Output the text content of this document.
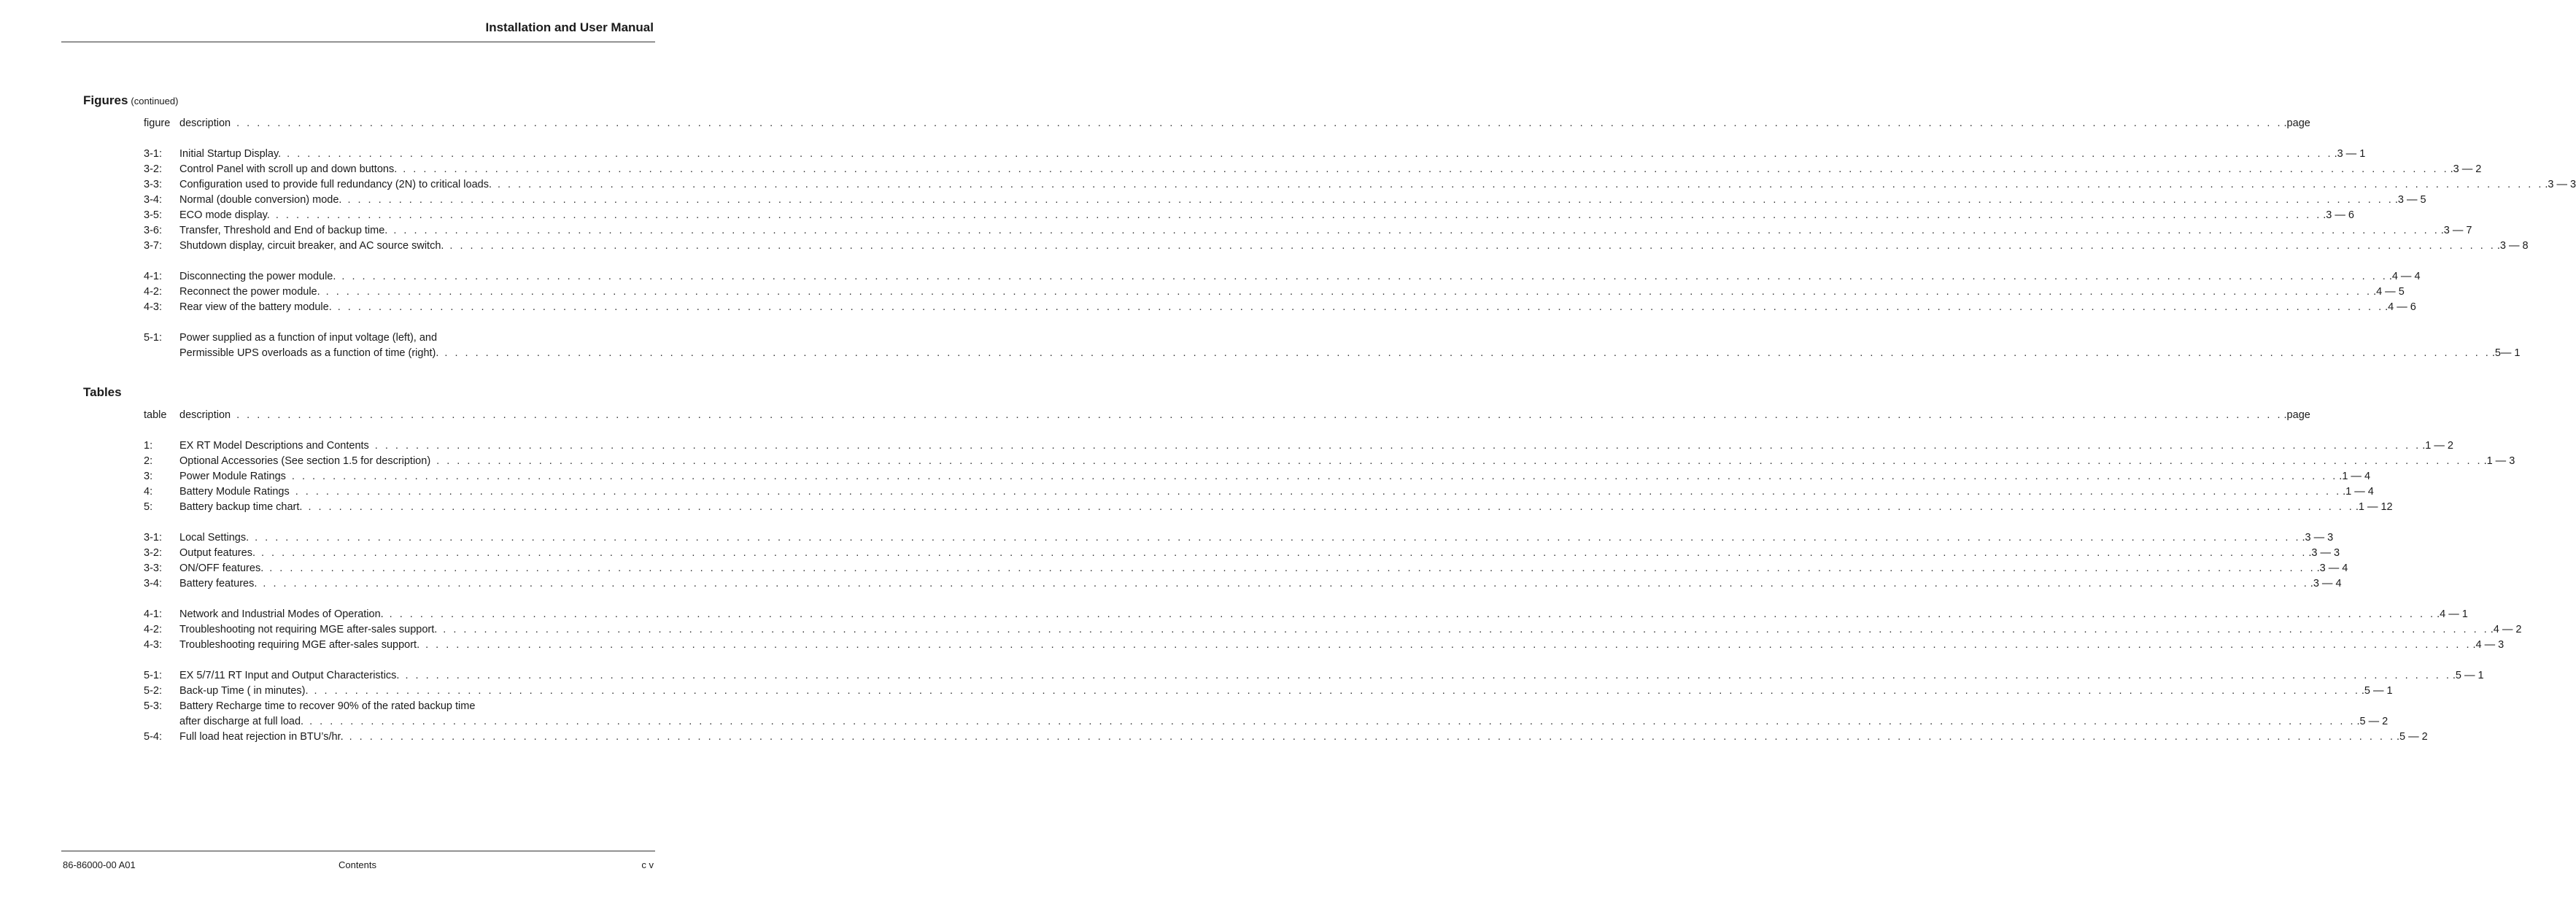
Installation and User Manual
Figures (continued)
figure description . . . . . . . . . . . . . . . . . . . . . . . . . . . . . . . . . . . . . . . . . . . . . . . . . . . . . . . . . . . . . . . . . . . . . . . . . . . . . . . . . . . . . . . . . . . . . . . . . . . . . . . . . . . . . . . . . . . . . . . . . . . . . . . . . . . . . . . . . . . . . . . . . . . . . . . . . . . . . . . . . . . . . . . . . . . . . . . . . . . . . . . . . . . . . . . . . . . . . . . . .page
3-1:	Initial Startup Display. . . . . . . . . . . . . . . . . . . . . . . . . . . . . . . . . . . . . . . . . . . . . . . . . . . . . . . . . . . . . . . . . . . . . . . . . . . . . . . . . . . . . . . . . . . . . . . . . . . . . . . . . . . . . . . . . . . . . . . . . . . . . . . . . . . . . . . . . . . . . . . . . . . . . . . . . . . . . . . . . . . . . . . . . . . . . . . . . . . . . . . . . . . . . . . . . . . . . . . . . .3 — 1
3-2:	Control Panel with scroll up and down buttons. . . . . . . . . . . . . . . . . . . . . . . . . . . . . . . . . . . . . . . . . . . . . . . . . . . . . . . . . . . . . . . . . . . . . . . . . . . . . . . . . . . . . . . . . . . . . . . . . . . . . . . . . . . . . . . . . . . . . . . . . . . . . . . . . . . . . . . . . . . . . . . . . . . . . . . . . . . . . . . . . . . . . . . . . . . . . . . . . . . . . . . . . . . . . . . . . . . . . . . . . .3 — 2
3-3:	Configuration used to provide full redundancy (2N) to critical loads. . . . . . . . . . . . . . . . . . . . . . . . . . . . . . . . . . . . . . . . . . . . . . . . . . . . . . . . . . . . . . . . . . . . . . . . . . . . . . . . . . . . . . . . . . . . . . . . . . . . . . . . . . . . . . . . . . . . . . . . . . . . . . . . . . . . . . . . . . . . . . . . . . . . . . . . . . . . . . . . . . . . . . . . . . . . . . . . . . . . . . . . . . . . . . . . . . . . . . . . . .3 — 3
3-4:	Normal (double conversion) mode. . . . . . . . . . . . . . . . . . . . . . . . . . . . . . . . . . . . . . . . . . . . . . . . . . . . . . . . . . . . . . . . . . . . . . . . . . . . . . . . . . . . . . . . . . . . . . . . . . . . . . . . . . . . . . . . . . . . . . . . . . . . . . . . . . . . . . . . . . . . . . . . . . . . . . . . . . . . . . . . . . . . . . . . . . . . . . . . . . . . . . . . . . . . . . . . . . . . . . . . . .3 — 5
3-5:	ECO mode display. . . . . . . . . . . . . . . . . . . . . . . . . . . . . . . . . . . . . . . . . . . . . . . . . . . . . . . . . . . . . . . . . . . . . . . . . . . . . . . . . . . . . . . . . . . . . . . . . . . . . . . . . . . . . . . . . . . . . . . . . . . . . . . . . . . . . . . . . . . . . . . . . . . . . . . . . . . . . . . . . . . . . . . . . . . . . . . . . . . . . . . . . . . . . . . . . . . . . . . . . .3 — 6
3-6:	Transfer, Threshold and End of backup time. . . . . . . . . . . . . . . . . . . . . . . . . . . . . . . . . . . . . . . . . . . . . . . . . . . . . . . . . . . . . . . . . . . . . . . . . . . . . . . . . . . . . . . . . . . . . . . . . . . . . . . . . . . . . . . . . . . . . . . . . . . . . . . . . . . . . . . . . . . . . . . . . . . . . . . . . . . . . . . . . . . . . . . . . . . . . . . . . . . . . . . . . . . . . . . . . . . . . . . . . .3 — 7
3-7:	Shutdown display, circuit breaker, and AC source switch. . . . . . . . . . . . . . . . . . . . . . . . . . . . . . . . . . . . . . . . . . . . . . . . . . . . . . . . . . . . . . . . . . . . . . . . . . . . . . . . . . . . . . . . . . . . . . . . . . . . . . . . . . . . . . . . . . . . . . . . . . . . . . . . . . . . . . . . . . . . . . . . . . . . . . . . . . . . . . . . . . . . . . . . . . . . . . . . . . . . . . . . . . . . . . . . . . . . . . . . . .3 — 8
4-1:	Disconnecting the power module. . . . . . . . . . . . . . . . . . . . . . . . . . . . . . . . . . . . . . . . . . . . . . . . . . . . . . . . . . . . . . . . . . . . . . . . . . . . . . . . . . . . . . . . . . . . . . . . . . . . . . . . . . . . . . . . . . . . . . . . . . . . . . . . . . . . . . . . . . . . . . . . . . . . . . . . . . . . . . . . . . . . . . . . . . . . . . . . . . . . . . . . . . . . . . . . . . . . . . . . . .4 — 4
4-2:	Reconnect the power module. . . . . . . . . . . . . . . . . . . . . . . . . . . . . . . . . . . . . . . . . . . . . . . . . . . . . . . . . . . . . . . . . . . . . . . . . . . . . . . . . . . . . . . . . . . . . . . . . . . . . . . . . . . . . . . . . . . . . . . . . . . . . . . . . . . . . . . . . . . . . . . . . . . . . . . . . . . . . . . . . . . . . . . . . . . . . . . . . . . . . . . . . . . . . . . . . . . . . . . . . .4 — 5
4-3:	Rear view of the battery module. . . . . . . . . . . . . . . . . . . . . . . . . . . . . . . . . . . . . . . . . . . . . . . . . . . . . . . . . . . . . . . . . . . . . . . . . . . . . . . . . . . . . . . . . . . . . . . . . . . . . . . . . . . . . . . . . . . . . . . . . . . . . . . . . . . . . . . . . . . . . . . . . . . . . . . . . . . . . . . . . . . . . . . . . . . . . . . . . . . . . . . . . . . . . . . . . . . . . . . . . .4 — 6
5-1:	Power supplied as a function of input voltage (left), and
Permissible UPS overloads as a function of time (right). . . . . . . . . . . . . . . . . . . . . . . . . . . . . . . . . . . . . . . . . . . . . . . . . . . . . . . . . . . . . . . . . . . . . . . . . . . . . . . . . . . . . . . . . . . . . . . . . . . . . . . . . . . . . . . . . . . . . . . . . . . . . . . . . . . . . . . . . . . . . . . . . . . . . . . . . . . . . . . . . . . . . . . . . . . . . . . . . . . . . . . . . . . . . . . . . . . . . . . . . .5— 1
Tables
table	description . . . . . . . . . . . . . . . . . . . . . . . . . . . . . . . . . . . . . . . . . . . . . . . . . . . . . . . . . . . . . . . . . . . . . . . . . . . . . . . . . . . . . . . . . . . . . . . . . . . . . . . . . . . . . . . . . . . . . . . . . . . . . . . . . . . . . . . . . . . . . . . . . . . . . . . . . . . . . . . . . . . . . . . . . . . . . . . . . . . . . . . . . . . . . . . . . . . . . . . . .page
1:	EX RT Model Descriptions and Contents . . . . . . . . . . . . . . . . . . . . . . . . . . . . . . . . . . . . . . . . . . . . . . . . . . . . . . . . . . . . . . . . . . . . . . . . . . . . . . . . . . . . . . . . . . . . . . . . . . . . . . . . . . . . . . . . . . . . . . . . . . . . . . . . . . . . . . . . . . . . . . . . . . . . . . . . . . . . . . . . . . . . . . . . . . . . . . . . . . . . . . . . . . . . . . . . . . . . . . . . .1 — 2
2:	Optional Accessories (See section 1.5 for description) . . . . . . . . . . . . . . . . . . . . . . . . . . . . . . . . . . . . . . . . . . . . . . . . . . . . . . . . . . . . . . . . . . . . . . . . . . . . . . . . . . . . . . . . . . . . . . . . . . . . . . . . . . . . . . . . . . . . . . . . . . . . . . . . . . . . . . . . . . . . . . . . . . . . . . . . . . . . . . . . . . . . . . . . . . . . . . . . . . . . . . . . . . . . . . . . . . . . . . . . .1 — 3
3:	Power Module Ratings . . . . . . . . . . . . . . . . . . . . . . . . . . . . . . . . . . . . . . . . . . . . . . . . . . . . . . . . . . . . . . . . . . . . . . . . . . . . . . . . . . . . . . . . . . . . . . . . . . . . . . . . . . . . . . . . . . . . . . . . . . . . . . . . . . . . . . . . . . . . . . . . . . . . . . . . . . . . . . . . . . . . . . . . . . . . . . . . . . . . . . . . . . . . . . . . . . . . . . . . .1 — 4
4:	Battery Module Ratings . . . . . . . . . . . . . . . . . . . . . . . . . . . . . . . . . . . . . . . . . . . . . . . . . . . . . . . . . . . . . . . . . . . . . . . . . . . . . . . . . . . . . . . . . . . . . . . . . . . . . . . . . . . . . . . . . . . . . . . . . . . . . . . . . . . . . . . . . . . . . . . . . . . . . . . . . . . . . . . . . . . . . . . . . . . . . . . . . . . . . . . . . . . . . . . . . . . . . . . . .1 — 4
5:	Battery backup time chart. . . . . . . . . . . . . . . . . . . . . . . . . . . . . . . . . . . . . . . . . . . . . . . . . . . . . . . . . . . . . . . . . . . . . . . . . . . . . . . . . . . . . . . . . . . . . . . . . . . . . . . . . . . . . . . . . . . . . . . . . . . . . . . . . . . . . . . . . . . . . . . . . . . . . . . . . . . . . . . . . . . . . . . . . . . . . . . . . . . . . . . . . . . . . . . . . . . . . . . . . .1 — 12
3-1:	Local Settings. . . . . . . . . . . . . . . . . . . . . . . . . . . . . . . . . . . . . . . . . . . . . . . . . . . . . . . . . . . . . . . . . . . . . . . . . . . . . . . . . . . . . . . . . . . . . . . . . . . . . . . . . . . . . . . . . . . . . . . . . . . . . . . . . . . . . . . . . . . . . . . . . . . . . . . . . . . . . . . . . . . . . . . . . . . . . . . . . . . . . . . . . . . . . . . . . . . . . . . . . .3 — 3
3-2:	Output features. . . . . . . . . . . . . . . . . . . . . . . . . . . . . . . . . . . . . . . . . . . . . . . . . . . . . . . . . . . . . . . . . . . . . . . . . . . . . . . . . . . . . . . . . . . . . . . . . . . . . . . . . . . . . . . . . . . . . . . . . . . . . . . . . . . . . . . . . . . . . . . . . . . . . . . . . . . . . . . . . . . . . . . . . . . . . . . . . . . . . . . . . . . . . . . . . . . . . . . . . .3 — 3
3-3:	ON/OFF features. . . . . . . . . . . . . . . . . . . . . . . . . . . . . . . . . . . . . . . . . . . . . . . . . . . . . . . . . . . . . . . . . . . . . . . . . . . . . . . . . . . . . . . . . . . . . . . . . . . . . . . . . . . . . . . . . . . . . . . . . . . . . . . . . . . . . . . . . . . . . . . . . . . . . . . . . . . . . . . . . . . . . . . . . . . . . . . . . . . . . . . . . . . . . . . . . . . . . . . . . .3 — 4
3-4:	Battery features. . . . . . . . . . . . . . . . . . . . . . . . . . . . . . . . . . . . . . . . . . . . . . . . . . . . . . . . . . . . . . . . . . . . . . . . . . . . . . . . . . . . . . . . . . . . . . . . . . . . . . . . . . . . . . . . . . . . . . . . . . . . . . . . . . . . . . . . . . . . . . . . . . . . . . . . . . . . . . . . . . . . . . . . . . . . . . . . . . . . . . . . . . . . . . . . . . . . . . . . . .3 — 4
4-1:	Network and Industrial Modes of Operation. . . . . . . . . . . . . . . . . . . . . . . . . . . . . . . . . . . . . . . . . . . . . . . . . . . . . . . . . . . . . . . . . . . . . . . . . . . . . . . . . . . . . . . . . . . . . . . . . . . . . . . . . . . . . . . . . . . . . . . . . . . . . . . . . . . . . . . . . . . . . . . . . . . . . . . . . . . . . . . . . . . . . . . . . . . . . . . . . . . . . . . . . . . . . . . . . . . . . . . . . .4 — 1
4-2:	Troubleshooting not requiring MGE after-sales support. . . . . . . . . . . . . . . . . . . . . . . . . . . . . . . . . . . . . . . . . . . . . . . . . . . . . . . . . . . . . . . . . . . . . . . . . . . . . . . . . . . . . . . . . . . . . . . . . . . . . . . . . . . . . . . . . . . . . . . . . . . . . . . . . . . . . . . . . . . . . . . . . . . . . . . . . . . . . . . . . . . . . . . . . . . . . . . . . . . . . . . . . . . . . . . . . . . . . . . . . .4 — 2
4-3:	Troubleshooting requiring MGE after-sales support. . . . . . . . . . . . . . . . . . . . . . . . . . . . . . . . . . . . . . . . . . . . . . . . . . . . . . . . . . . . . . . . . . . . . . . . . . . . . . . . . . . . . . . . . . . . . . . . . . . . . . . . . . . . . . . . . . . . . . . . . . . . . . . . . . . . . . . . . . . . . . . . . . . . . . . . . . . . . . . . . . . . . . . . . . . . . . . . . . . . . . . . . . . . . . . . . . . . . . . . . .4 — 3
5-1:	EX 5/7/11 RT Input and Output Characteristics. . . . . . . . . . . . . . . . . . . . . . . . . . . . . . . . . . . . . . . . . . . . . . . . . . . . . . . . . . . . . . . . . . . . . . . . . . . . . . . . . . . . . . . . . . . . . . . . . . . . . . . . . . . . . . . . . . . . . . . . . . . . . . . . . . . . . . . . . . . . . . . . . . . . . . . . . . . . . . . . . . . . . . . . . . . . . . . . . . . . . . . . . . . . . . . . . . . . . . . . . .5 — 1
5-2:	Back-up Time ( in minutes). . . . . . . . . . . . . . . . . . . . . . . . . . . . . . . . . . . . . . . . . . . . . . . . . . . . . . . . . . . . . . . . . . . . . . . . . . . . . . . . . . . . . . . . . . . . . . . . . . . . . . . . . . . . . . . . . . . . . . . . . . . . . . . . . . . . . . . . . . . . . . . . . . . . . . . . . . . . . . . . . . . . . . . . . . . . . . . . . . . . . . . . . . . . . . . . . . . . . . . . . .5 — 1
5-3:	Battery Recharge time to recover 90% of the rated backup time
after discharge at full load. . . . . . . . . . . . . . . . . . . . . . . . . . . . . . . . . . . . . . . . . . . . . . . . . . . . . . . . . . . . . . . . . . . . . . . . . . . . . . . . . . . . . . . . . . . . . . . . . . . . . . . . . . . . . . . . . . . . . . . . . . . . . . . . . . . . . . . . . . . . . . . . . . . . . . . . . . . . . . . . . . . . . . . . . . . . . . . . . . . . . . . . . . . . . . . . . . . . . . . . . .5 — 2
5-4:	Full load heat rejection in BTU’s/hr. . . . . . . . . . . . . . . . . . . . . . . . . . . . . . . . . . . . . . . . . . . . . . . . . . . . . . . . . . . . . . . . . . . . . . . . . . . . . . . . . . . . . . . . . . . . . . . . . . . . . . . . . . . . . . . . . . . . . . . . . . . . . . . . . . . . . . . . . . . . . . . . . . . . . . . . . . . . . . . . . . . . . . . . . . . . . . . . . . . . . . . . . . . . . . . . . . . . . . . . . .5 — 2
86-86000-00 A01	Contents	c v
